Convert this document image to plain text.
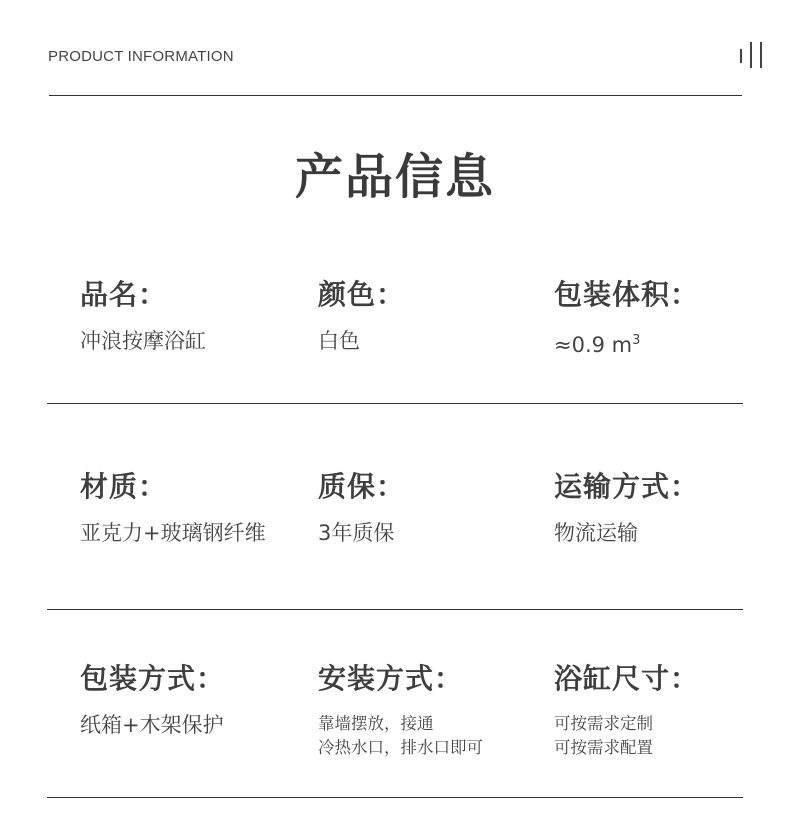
PRODUCT INFORMATION
产品信息
品名：
冲浪按摩浴缸
颜色：
白色
包装体积：
≈0.9 $m^3$
材质：
亚克力+玻璃钢纤维
质保：
3年质保
运输方式：
物流运输
包装方式：
纸箱+木架保护
安装方式：
靠墙摆放，接通
冷热水口，排水口即可
浴缸尺寸：
可按需求定制
可按需求配置
